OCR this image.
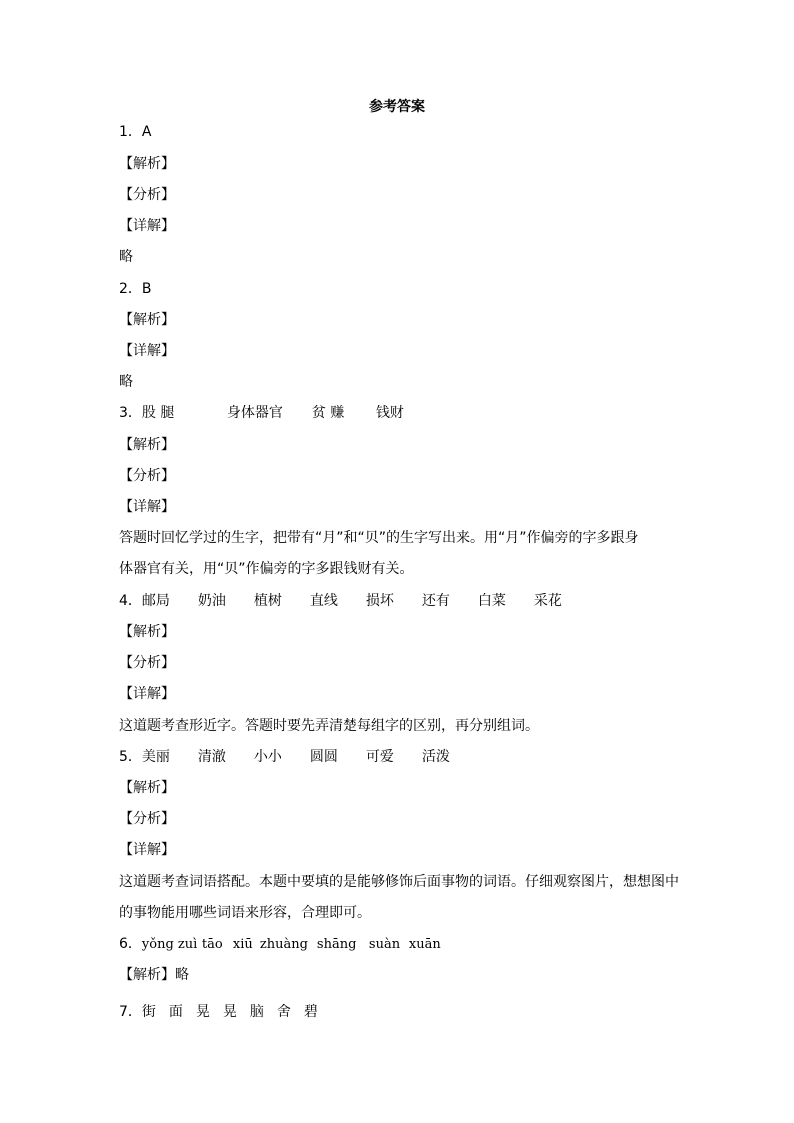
参考答案
1．A
【解析】
【分析】
【详解】
略
2．B
【解析】
【详解】
略
3．股 腿	身体器官 贫 赚 钱财
【解析】
【分析】
【详解】
答题时回忆学过的生字，把带有“月”和“贝”的生字写出来。用“月”作偏旁的字多跟身
体器官有关，用“贝”作偏旁的字多跟钱财有关。
4．邮局 奶油 植树 直线 损坏 还有 白菜 采花
【解析】
【分析】
【详解】
这道题考查形近字。答题时要先弄清楚每组字的区别，再分别组词。
5．美丽 清澈 小小 圆圆 可爱 活泼
【解析】
【分析】
【详解】
这道题考查词语搭配。本题中要填的是能够修饰后面事物的词语。仔细观察图片，想想图中
的事物能用哪些词语来形容，合理即可。
6．yǒng zuì tāo xiū zhuàng shāng suàn xuān
【解析】略
7．街 面 晃 晃 脑 舍 碧
